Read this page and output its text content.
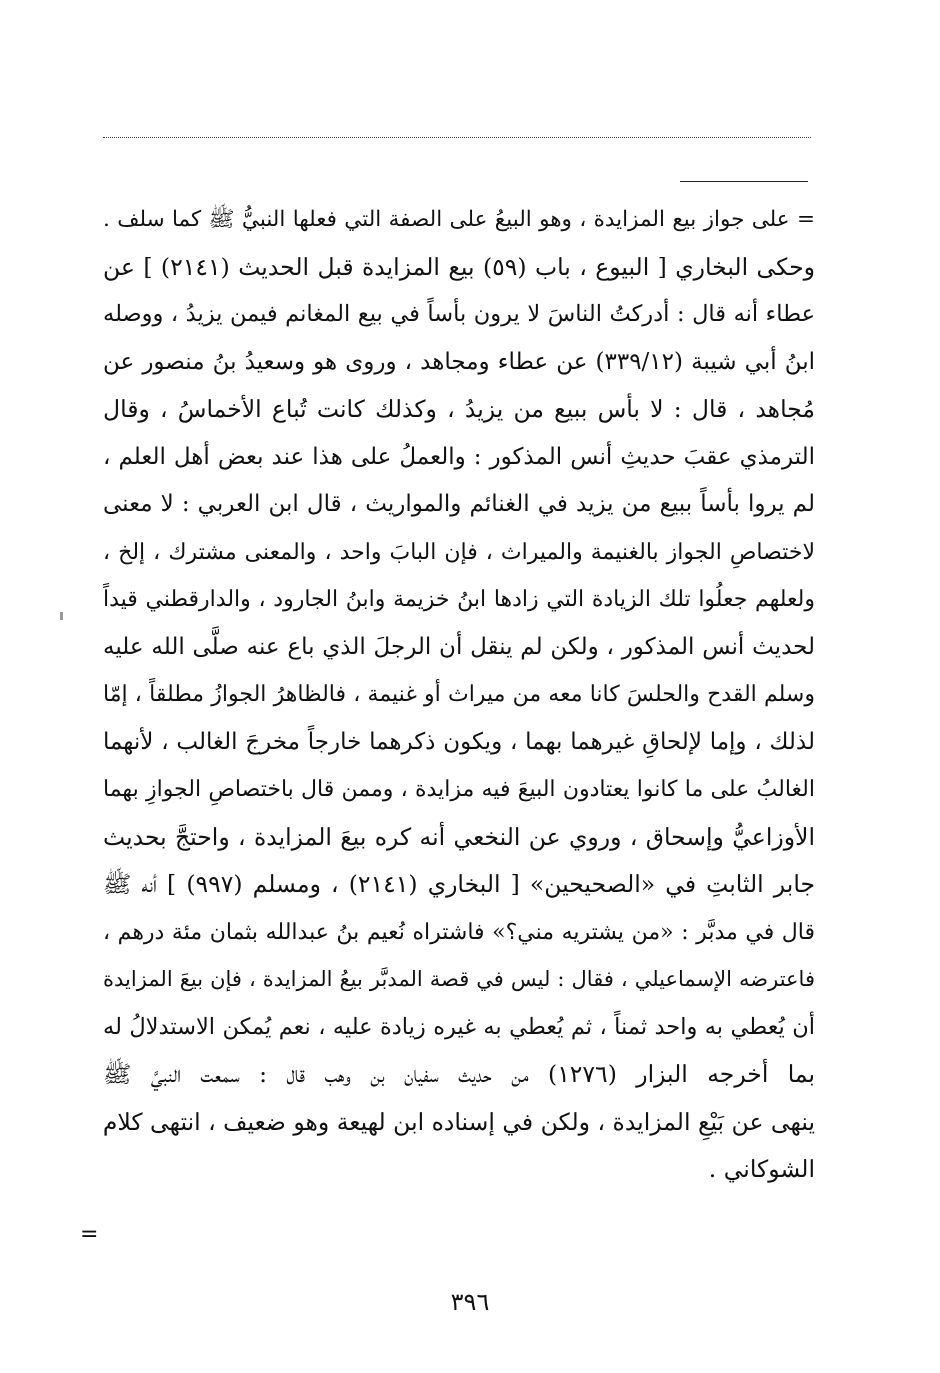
= على جواز بيع المزايدة ، وهو البيعُ على الصفة التي فعلها النبيُّ ﷺ كما سلف .
وحكى البخاري [ البيوع ، باب (٥٩) بيع المزايدة قبل الحديث (٢١٤١) ] عن
عطاء أنه قال : أدركتُ الناسَ لا يرون بأساً في بيع المغانم فيمن يزيدُ ، ووصله
ابنُ أبي شيبة (٣٣٩/١٢) عن عطاء ومجاهد ، وروى هو وسعيدُ بنُ منصور عن
مُجاهد ، قال : لا بأس ببيع من يزيدُ ، وكذلك كانت تُباع الأخماسُ ، وقال
الترمذي عقبَ حديثِ أنس المذكور : والعملُ على هذا عند بعض أهل العلم ،
لم يروا بأساً ببيع من يزيد في الغنائم والمواريث ، قال ابن العربي : لا معنى
لاختصاصِ الجواز بالغنيمة والميراث ، فإن البابَ واحد ، والمعنى مشترك ، إلخ ،
ولعلهم جعلُوا تلك الزيادة التي زادها ابنُ خزيمة وابنُ الجارود ، والدارقطني قيداً
لحديث أنس المذكور ، ولكن لم ينقل أن الرجلَ الذي باع عنه صلَّى الله عليه
وسلم القدح والحلسَ كانا معه من ميراث أو غنيمة ، فالظاهرُ الجوازُ مطلقاً ، إمّا
لذلك ، وإما لإلحاقِ غيرهما بهما ، ويكون ذكرهما خارجاً مخرجَ الغالب ، لأنهما
الغالبُ على ما كانوا يعتادون البيعَ فيه مزايدة ، وممن قال باختصاصِ الجوازِ بهما
الأوزاعيُّ وإسحاق ، وروي عن النخعي أنه كره بيعَ المزايدة ، واحتجَّ بحديث
جابر الثابتِ في «الصحيحين» [ البخاري (٢١٤١) ، ومسلم (٩٩٧) ] أنه ﷺ
قال في مدبَّر : «من يشتريه مني؟» فاشتراه نُعيم بنُ عبدالله بثمان مئة درهم ،
فاعترضه الإسماعيلي ، فقال : ليس في قصة المدبَّر بيعُ المزايدة ، فإن بيعَ المزايدة
أن يُعطي به واحد ثمناً ، ثم يُعطي به غيره زيادة عليه ، نعم يُمكن الاستدلالُ له
بما أخرجه البزار (١٢٧٦) من حديث سفيان بن وهب قال : سمعت النبيَّ ﷺ
ينهى عن بَيْعِ المزايدة ، ولكن في إسناده ابن لهيعة وهو ضعيف ، انتهى كلام
الشوكاني .
=
٣٩٦
